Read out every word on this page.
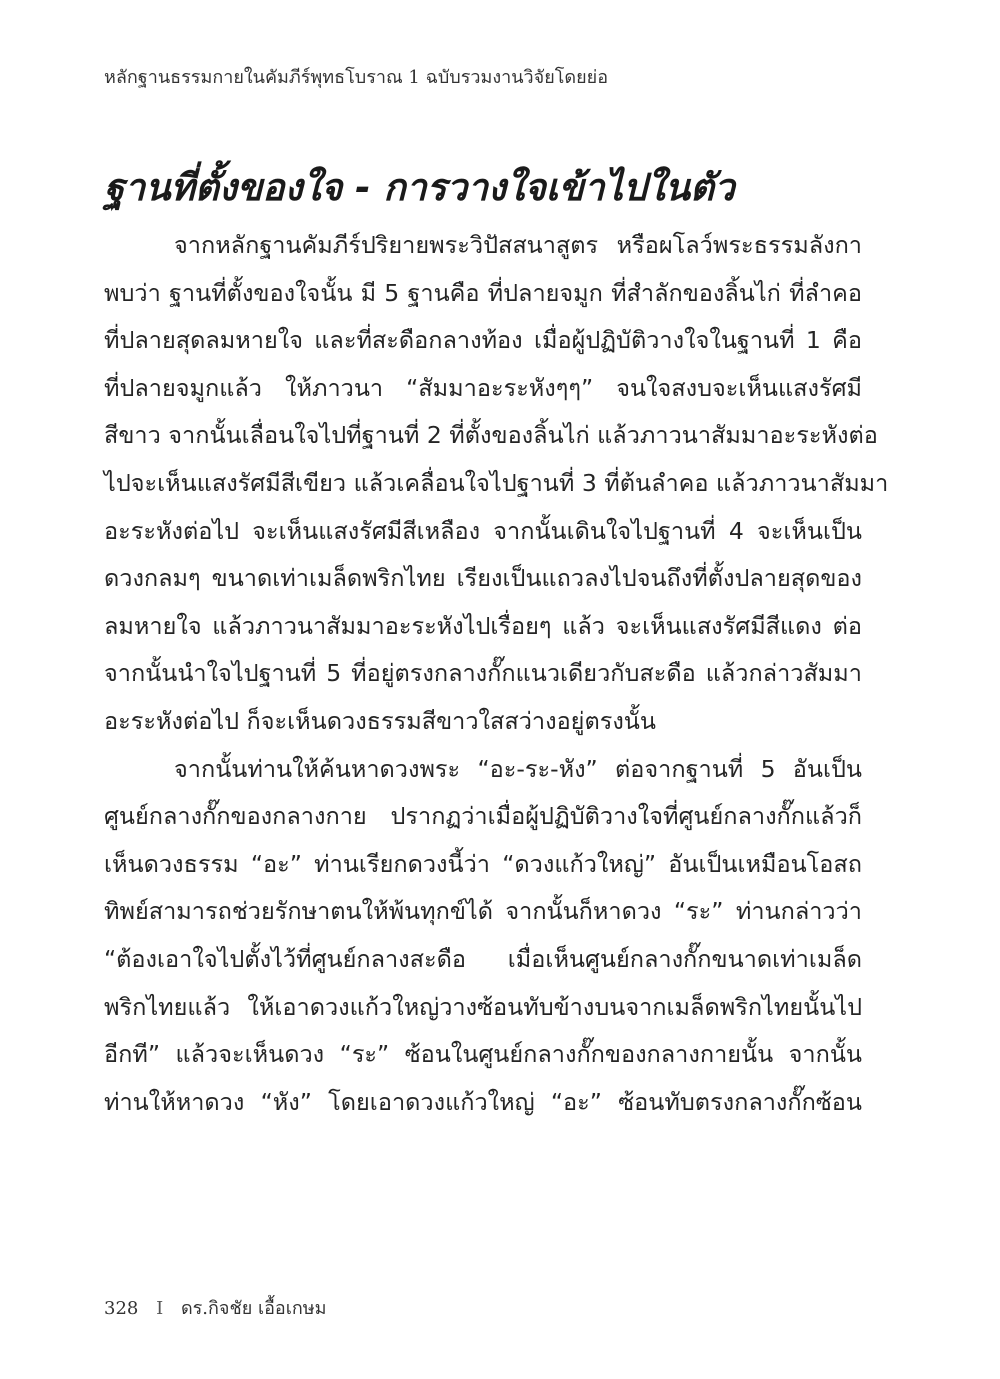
หลักฐานธรรมกายในคัมภีร์พุทธโบราณ 1 ฉบับรวมงานวิจัยโดยย่อ
ฐานที่ตั้งของใจ - การวางใจเข้าไปในตัว
จากหลักฐานคัมภีร์ปริยายพระวิปัสสนาสูตร หรือผโลว์พระธรรมลังกา
พบว่า ฐานที่ตั้งของใจนั้น มี 5 ฐานคือ ที่ปลายจมูก ที่สำลักของลิ้นไก่ ที่ลำคอ
ที่ปลายสุดลมหายใจ และที่สะดือกลางท้อง เมื่อผู้ปฏิบัติวางใจในฐานที่ 1 คือ
ที่ปลายจมูกแล้ว ให้ภาวนา “สัมมาอะระหังๆๆ” จนใจสงบจะเห็นแสงรัศมี
สีขาว จากนั้นเลื่อนใจไปที่ฐานที่ 2 ที่ตั้งของลิ้นไก่ แล้วภาวนาสัมมาอะระหังต่อ
ไปจะเห็นแสงรัศมีสีเขียว แล้วเคลื่อนใจไปฐานที่ 3 ที่ต้นลำคอ แล้วภาวนาสัมมา
อะระหังต่อไป จะเห็นแสงรัศมีสีเหลือง จากนั้นเดินใจไปฐานที่ 4 จะเห็นเป็น
ดวงกลมๆ ขนาดเท่าเมล็ดพริกไทย เรียงเป็นแถวลงไปจนถึงที่ตั้งปลายสุดของ
ลมหายใจ แล้วภาวนาสัมมาอะระหังไปเรื่อยๆ แล้ว จะเห็นแสงรัศมีสีแดง ต่อ
จากนั้นนำใจไปฐานที่ 5 ที่อยู่ตรงกลางกั๊กแนวเดียวกับสะดือ แล้วกล่าวสัมมา
อะระหังต่อไป ก็จะเห็นดวงธรรมสีขาวใสสว่างอยู่ตรงนั้น
จากนั้นท่านให้ค้นหาดวงพระ “อะ-ระ-หัง” ต่อจากฐานที่ 5 อันเป็น
ศูนย์กลางกั๊กของกลางกาย ปรากฏว่าเมื่อผู้ปฏิบัติวางใจที่ศูนย์กลางกั๊กแล้วก็
เห็นดวงธรรม “อะ” ท่านเรียกดวงนี้ว่า “ดวงแก้วใหญ่” อันเป็นเหมือนโอสถ
ทิพย์สามารถช่วยรักษาตนให้พ้นทุกข์ได้ จากนั้นก็หาดวง “ระ” ท่านกล่าวว่า
“ต้องเอาใจไปตั้งไว้ที่ศูนย์กลางสะดือ เมื่อเห็นศูนย์กลางกั๊กขนาดเท่าเมล็ด
พริกไทยแล้ว ให้เอาดวงแก้วใหญ่วางซ้อนทับข้างบนจากเมล็ดพริกไทยนั้นไป
อีกที” แล้วจะเห็นดวง “ระ” ซ้อนในศูนย์กลางกั๊กของกลางกายนั้น จากนั้น
ท่านให้หาดวง “หัง” โดยเอาดวงแก้วใหญ่ “อะ” ซ้อนทับตรงกลางกั๊กซ้อน
328 I ดร.กิจชัย เอื้อเกษม
